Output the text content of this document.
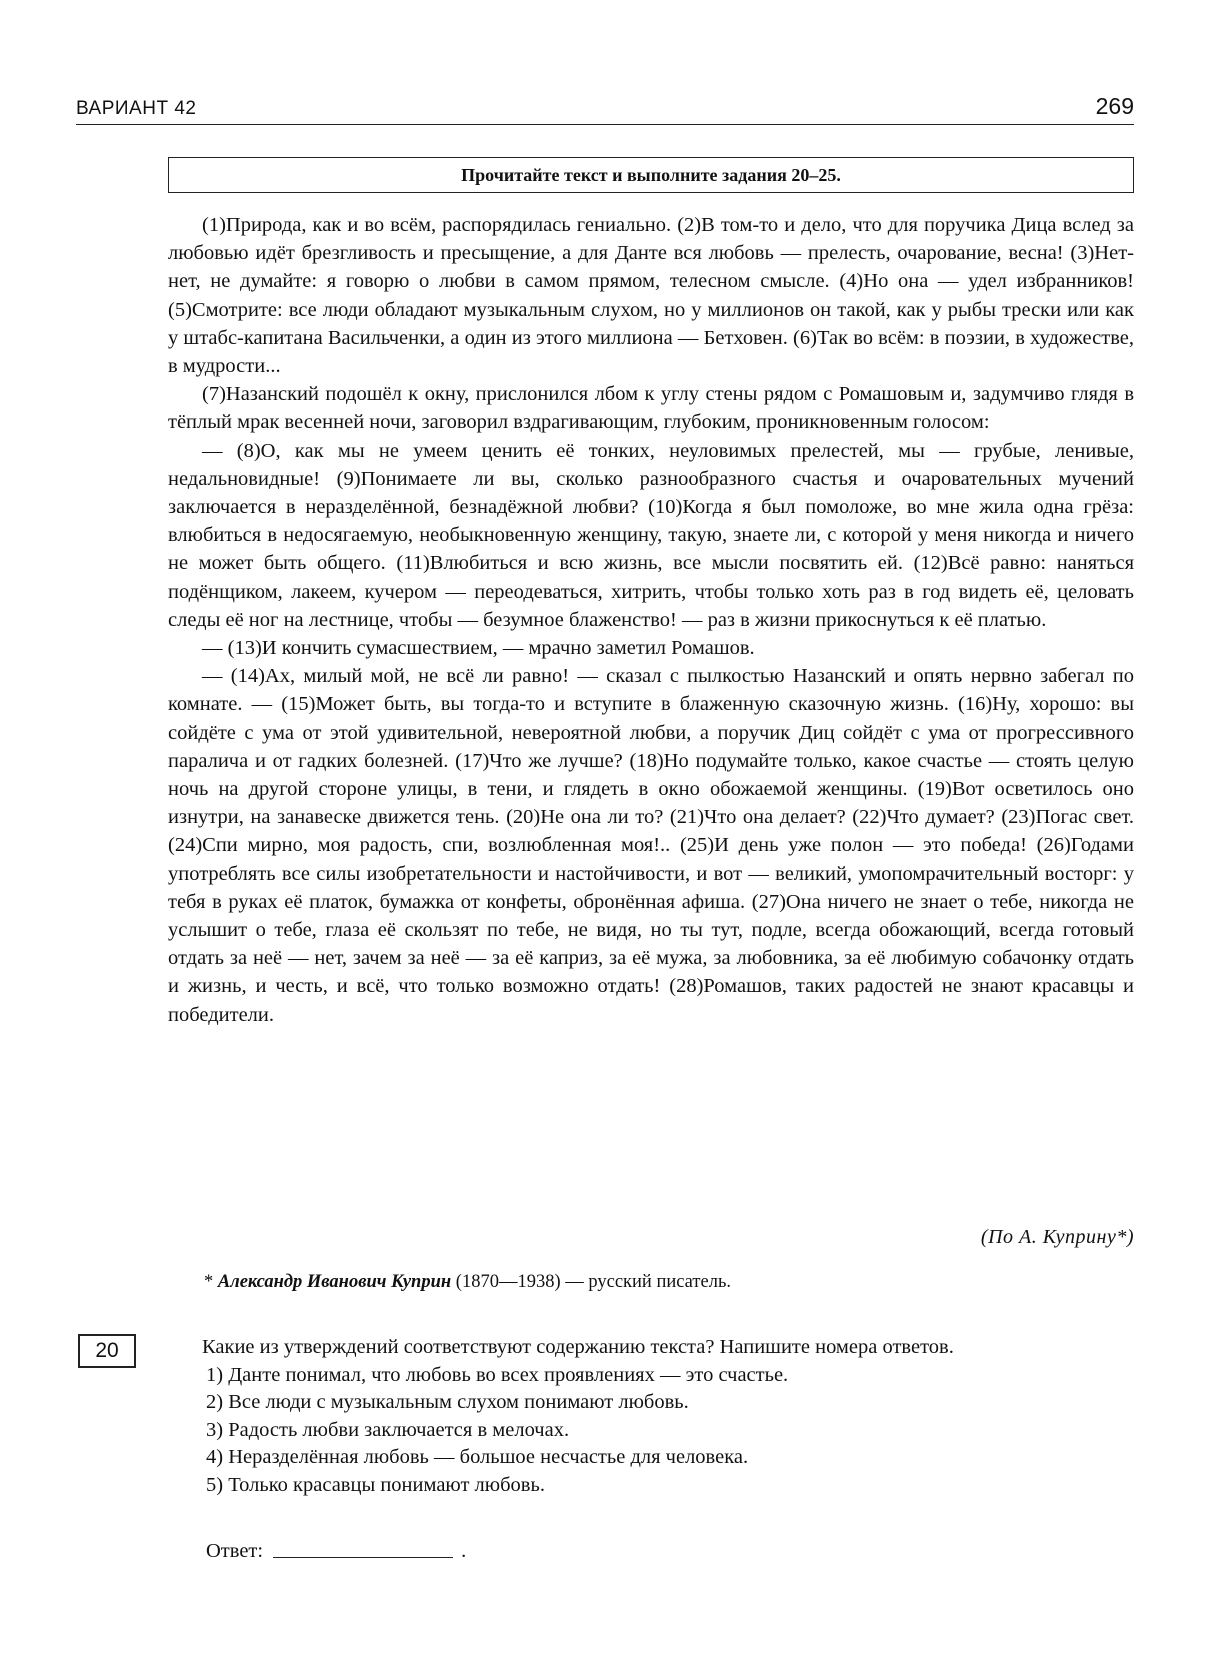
ВАРИАНТ 42	269
Прочитайте текст и выполните задания 20–25.

(1)Природа, как и во всём, распорядилась гениально. (2)В том-то и дело, что для поручика Дица вслед за любовью идёт брезгливость и пресыщение, а для Данте вся любовь — прелесть, очарование, весна! (3)Нет-нет, не думайте: я говорю о любви в самом прямом, телесном смысле. (4)Но она — удел избранников! (5)Смотрите: все люди обладают музыкальным слухом, но у миллионов он такой, как у рыбы трески или как у штабс-капитана Васильченки, а один из этого миллиона — Бетховен. (6)Так во всём: в поэзии, в художестве, в мудрости...

(7)Назанский подошёл к окну, прислонился лбом к углу стены рядом с Ромашовым и, задумчиво глядя в тёплый мрак весенней ночи, заговорил вздрагивающим, глубоким, проникновенным голосом:

— (8)О, как мы не умеем ценить её тонких, неуловимых прелестей, мы — грубые, ленивые, недальновидные! (9)Понимаете ли вы, сколько разнообразного счастья и очаровательных мучений заключается в неразделённой, безнадёжной любви? (10)Когда я был помоложе, во мне жила одна грёза: влюбиться в недосягаемую, необыкновенную женщину, такую, знаете ли, с которой у меня никогда и ничего не может быть общего. (11)Влюбиться и всю жизнь, все мысли посвятить ей. (12)Всё равно: наняться подёнщиком, лакеем, кучером — переодеваться, хитрить, чтобы только хоть раз в год видеть её, целовать следы её ног на лестнице, чтобы — безумное блаженство! — раз в жизни прикоснуться к её платью.

— (13)И кончить сумасшествием, — мрачно заметил Ромашов.

— (14)Ах, милый мой, не всё ли равно! — сказал с пылкостью Назанский и опять нервно забегал по комнате. — (15)Может быть, вы тогда-то и вступите в блаженную сказочную жизнь. (16)Ну, хорошо: вы сойдёте с ума от этой удивительной, невероятной любви, а поручик Диц сойдёт с ума от прогрессивного паралича и от гадких болезней. (17)Что же лучше? (18)Но подумайте только, какое счастье — стоять целую ночь на другой стороне улицы, в тени, и глядеть в окно обожаемой женщины. (19)Вот осветилось оно изнутри, на занавеске движется тень. (20)Не она ли то? (21)Что она делает? (22)Что думает? (23)Погас свет. (24)Спи мирно, моя радость, спи, возлюбленная моя!.. (25)И день уже полон — это победа! (26)Годами употреблять все силы изобретательности и настойчивости, и вот — великий, умопомрачительный восторг: у тебя в руках её платок, бумажка от конфеты, обронённая афиша. (27)Она ничего не знает о тебе, никогда не услышит о тебе, глаза её скользят по тебе, не видя, но ты тут, подле, всегда обожающий, всегда готовый отдать за неё — нет, зачем за неё — за её каприз, за её мужа, за любовника, за её любимую собачонку отдать и жизнь, и честь, и всё, что только возможно отдать! (28)Ромашов, таких радостей не знают красавцы и победители.

(По А. Куприну*)
* Александр Иванович Куприн (1870—1938) — русский писатель.
20	Какие из утверждений соответствуют содержанию текста? Напишите номера ответов.

1) Данте понимал, что любовь во всех проявлениях — это счастье.
2) Все люди с музыкальным слухом понимают любовь.
3) Радость любви заключается в мелочах.
4) Неразделённая любовь — большое несчастье для человека.
5) Только красавцы понимают любовь.
Ответ:	.
